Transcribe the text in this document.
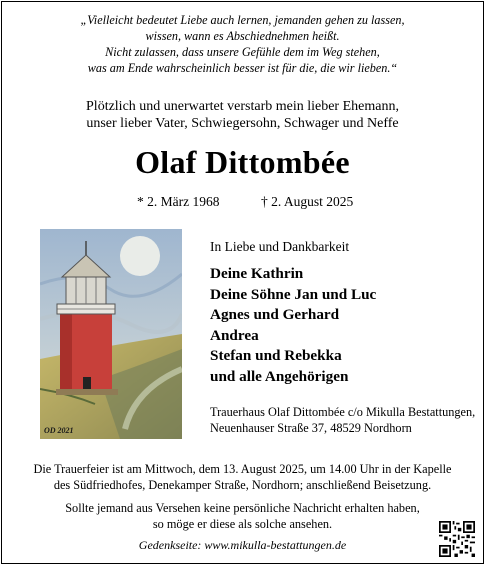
„Vielleicht bedeutet Liebe auch lernen, jemanden gehen zu lassen,
wissen, wann es Abschiednehmen heißt.
Nicht zulassen, dass unsere Gefühle dem im Weg stehen,
was am Ende wahrscheinlich besser ist für die, die wir lieben.“
Plötzlich und unerwartet verstarb mein lieber Ehemann,
unser lieber Vater, Schwiegersohn, Schwager und Neffe
Olaf Dittombée
* 2. März 1968	† 2. August 2025
OD 2021
In Liebe und Dankbarkeit
Deine Kathrin
Deine Söhne Jan und Luc
Agnes und Gerhard
Andrea
Stefan und Rebekka
und alle Angehörigen
Trauerhaus Olaf Dittombée c/o Mikulla Bestattungen,
Neuenhauser Straße 37, 48529 Nordhorn
Die Trauerfeier ist am Mittwoch, dem 13. August 2025, um 14.00 Uhr in der Kapelle
des Südfriedhofes, Denekamper Straße, Nordhorn; anschließend Beisetzung.
Sollte jemand aus Versehen keine persönliche Nachricht erhalten haben,
so möge er diese als solche ansehen.
Gedenkseite: www.mikulla-bestattungen.de
